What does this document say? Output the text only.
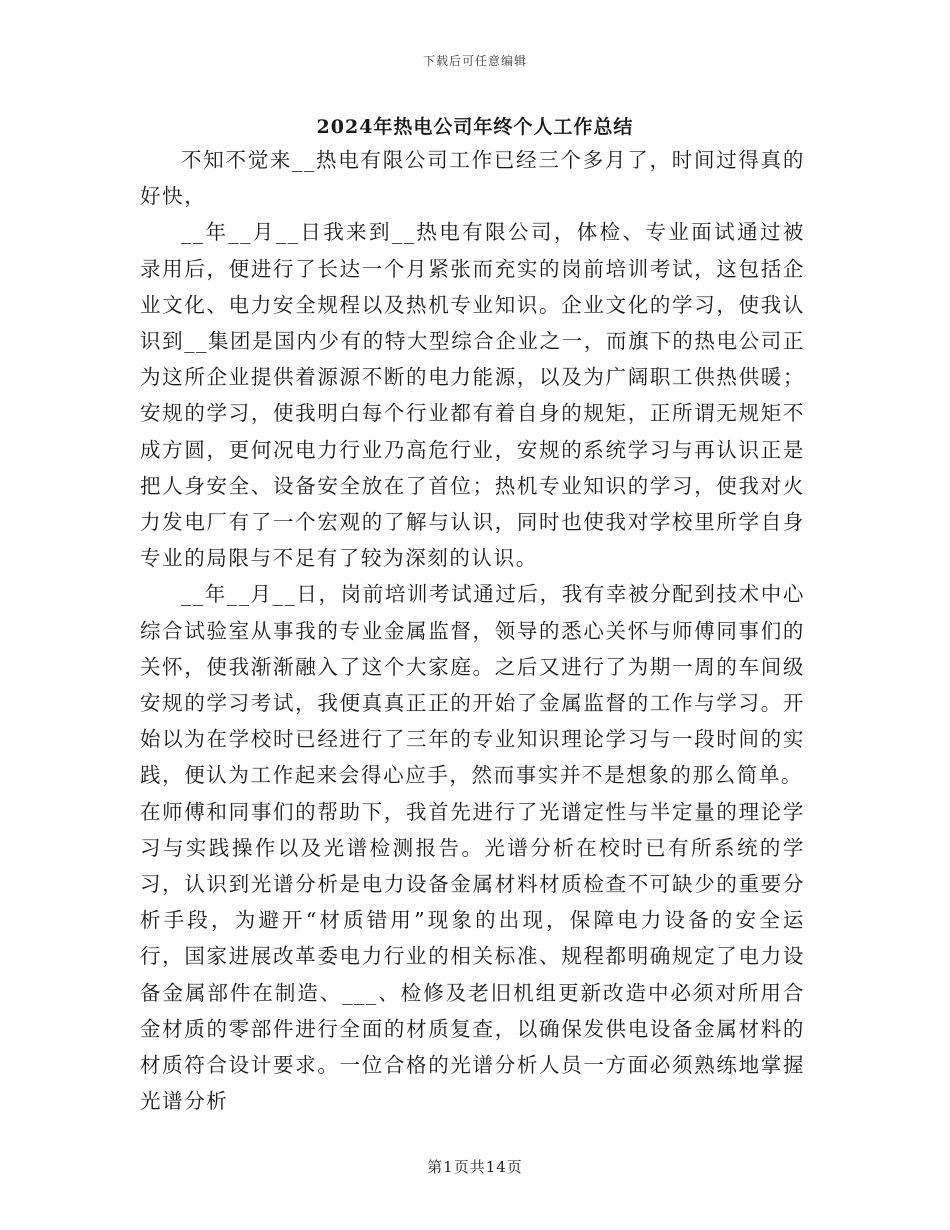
下载后可任意编辑
2024年热电公司年终个人工作总结

不知不觉来__热电有限公司工作已经三个多月了，时间过得真的好快，

__年__月__日我来到__热电有限公司，体检、专业面试通过被录用后，便进行了长达一个月紧张而充实的岗前培训考试，这包括企业文化、电力安全规程以及热机专业知识。企业文化的学习，使我认识到__集团是国内少有的特大型综合企业之一，而旗下的热电公司正为这所企业提供着源源不断的电力能源，以及为广阔职工供热供暖；安规的学习，使我明白每个行业都有着自身的规矩，正所谓无规矩不成方圆，更何况电力行业乃高危行业，安规的系统学习与再认识正是把人身安全、设备安全放在了首位；热机专业知识的学习，使我对火力发电厂有了一个宏观的了解与认识，同时也使我对学校里所学自身专业的局限与不足有了较为深刻的认识。

__年__月__日，岗前培训考试通过后，我有幸被分配到技术中心综合试验室从事我的专业金属监督，领导的悉心关怀与师傅同事们的关怀，使我渐渐融入了这个大家庭。之后又进行了为期一周的车间级安规的学习考试，我便真真正正的开始了金属监督的工作与学习。开始以为在学校时已经进行了三年的专业知识理论学习与一段时间的实践，便认为工作起来会得心应手，然而事实并不是想象的那么简单。

在师傅和同事们的帮助下，我首先进行了光谱定性与半定量的理论学习与实践操作以及光谱检测报告。光谱分析在校时已有所系统的学习，认识到光谱分析是电力设备金属材料材质检查不可缺少的重要分析手段，为避开“材质错用”现象的出现，保障电力设备的安全运行，国家进展改革委电力行业的相关标准、规程都明确规定了电力设备金属部件在制造、___、检修及老旧机组更新改造中必须对所用合金材质的零部件进行全面的材质复查，以确保发供电设备金属材料的材质符合设计要求。一位合格的光谱分析人员一方面必须熟练地掌握光谱分析

第1页共14页
